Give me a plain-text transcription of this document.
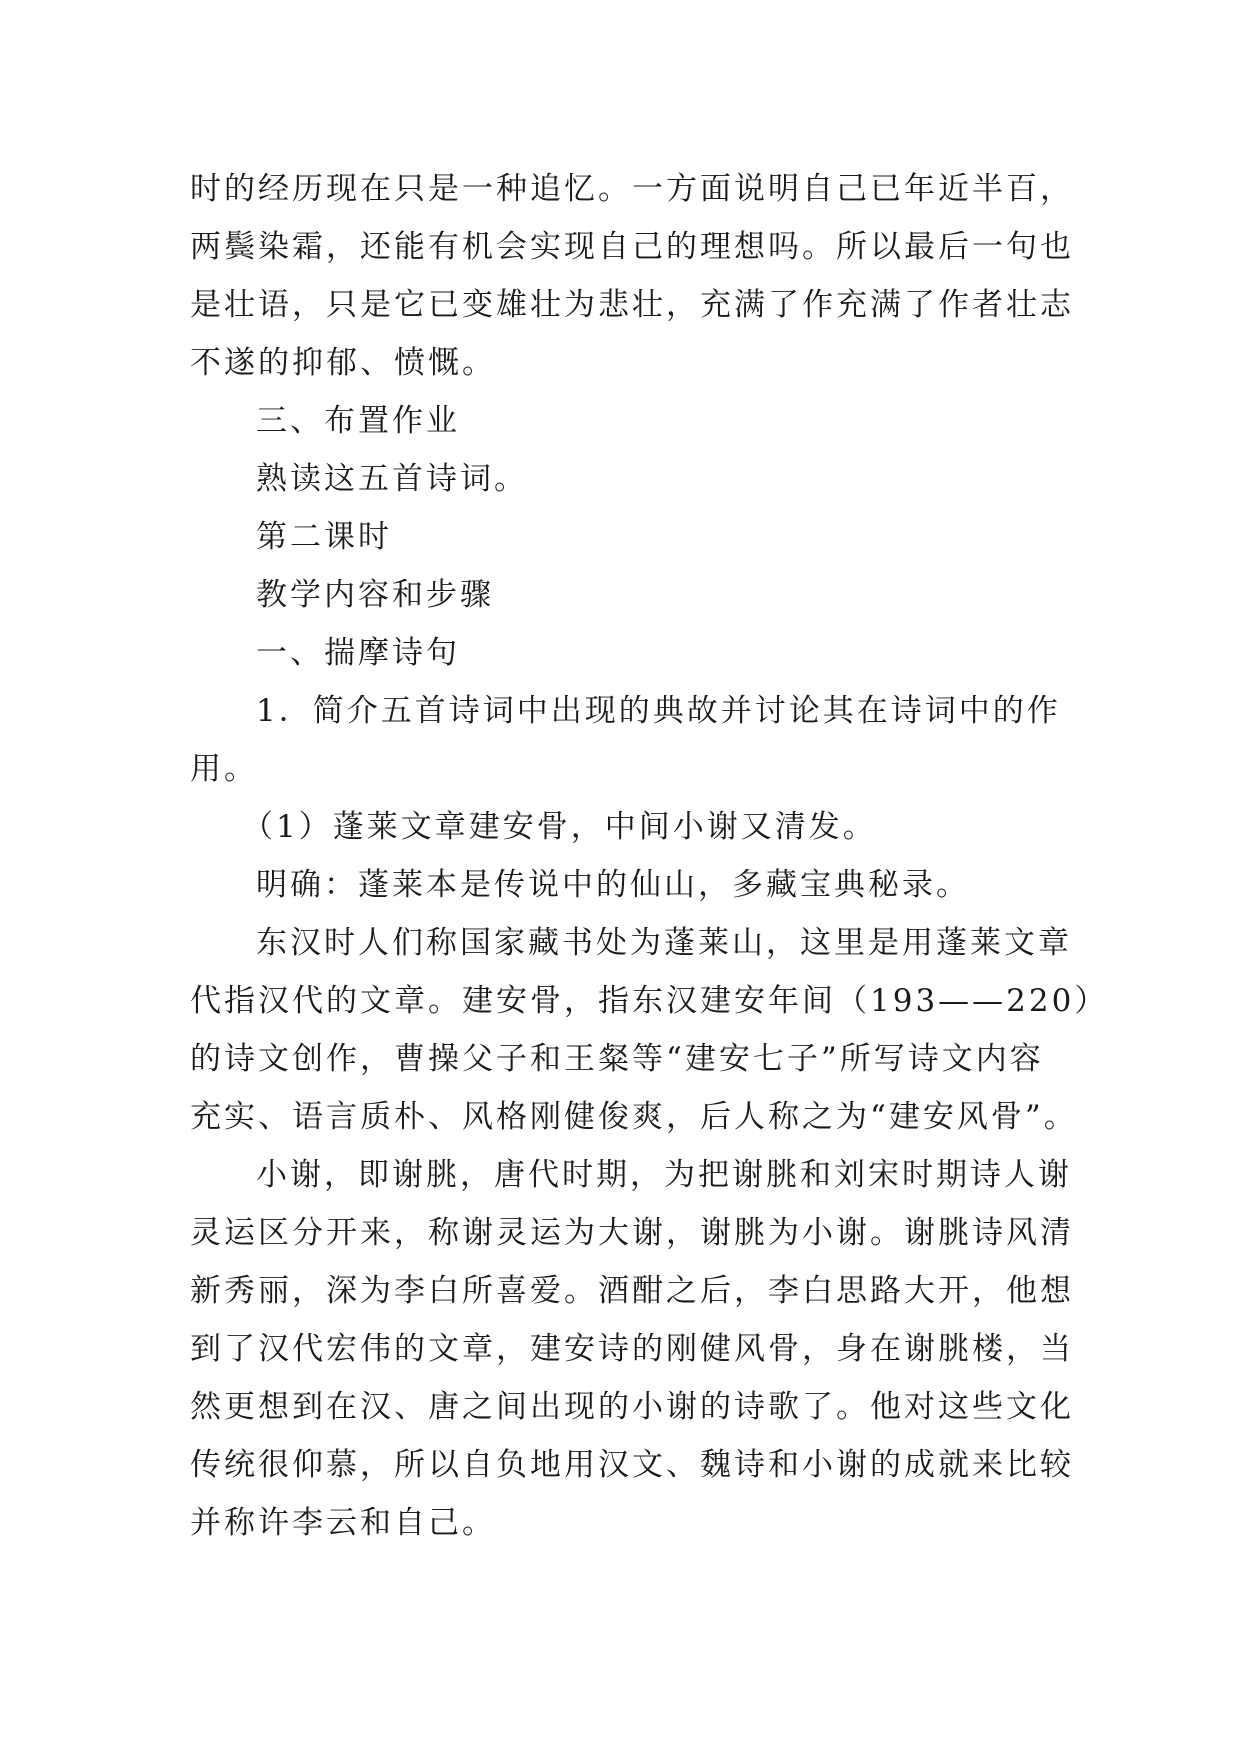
时的经历现在只是一种追忆。一方面说明自己已年近半百，
两鬓染霜，还能有机会实现自己的理想吗。所以最后一句也
是壮语，只是它已变雄壮为悲壮，充满了作充满了作者壮志
不遂的抑郁、愤慨。
三、布置作业
熟读这五首诗词。
第二课时
教学内容和步骤
一、揣摩诗句
1．简介五首诗词中出现的典故并讨论其在诗词中的作
用。
（1）蓬莱文章建安骨，中间小谢又清发。
明确：蓬莱本是传说中的仙山，多藏宝典秘录。
东汉时人们称国家藏书处为蓬莱山，这里是用蓬莱文章
代指汉代的文章。建安骨，指东汉建安年间（193——220）
的诗文创作，曹操父子和王粲等“建安七子”所写诗文内容
充实、语言质朴、风格刚健俊爽，后人称之为“建安风骨”。
小谢，即谢朓，唐代时期，为把谢朓和刘宋时期诗人谢
灵运区分开来，称谢灵运为大谢，谢朓为小谢。谢朓诗风清
新秀丽，深为李白所喜爱。酒酣之后，李白思路大开，他想
到了汉代宏伟的文章，建安诗的刚健风骨，身在谢朓楼，当
然更想到在汉、唐之间出现的小谢的诗歌了。他对这些文化
传统很仰慕，所以自负地用汉文、魏诗和小谢的成就来比较
并称许李云和自己。
